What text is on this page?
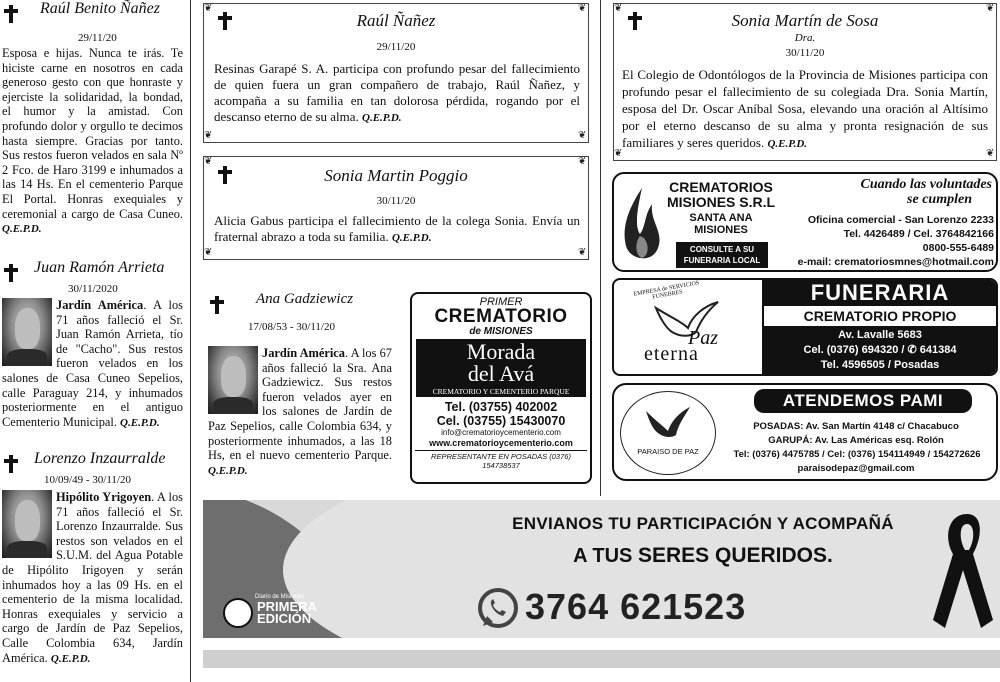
Raúl Benito Ñañez
29/11/20
Esposa e hijas. Nunca te irás. Te hiciste carne en nosotros en cada generoso gesto con que honraste y ejerciste la solidaridad, la bondad, el humor y la amistad. Con profundo dolor y orgullo te decimos hasta siempre. Gracias por tanto. Sus restos fueron velados en sala Nº 2 Fco. de Haro 3199 e inhumados a las 14 Hs. En el cementerio Parque El Portal. Honras exequiales y ceremonial a cargo de Casa Cuneo. Q.E.P.D.
Juan Ramón Arrieta
30/11/2020
Jardín América. A los 71 años falleció el Sr. Juan Ramón Arrieta, tío de "Cacho". Sus restos fueron velados en los salones de Casa Cuneo Sepelios, calle Paraguay 214, y inhumados posteriormente en el antiguo Cementerio Municipal. Q.E.P.D.
Lorenzo Inzaurralde
10/09/49 - 30/11/20
Hipólito Yrigoyen. A los 71 años falleció el Sr. Lorenzo Inzaurralde. Sus restos son velados en el S.U.M. del Agua Potable de Hipólito Irigoyen y serán inhumados hoy a las 09 Hs. en el cementerio de la misma localidad. Honras exequiales y servicio a cargo de Jardín de Paz Sepelios, Calle Colombia 634, Jardín América. Q.E.P.D.
❦	❦
❦	❦
Raúl Ñañez
29/11/20
Resinas Garapé S. A. participa con profundo pesar del fallecimiento de quien fuera un gran compañero de trabajo, Raúl Ñañez, y acompaña a su familia en tan dolorosa pérdida, rogando por el descanso eterno de su alma. Q.E.P.D.
❦	❦
❦	❦
Sonia Martin Poggio
30/11/20
Alicia Gabus participa el fallecimiento de la colega Sonia. Envía un fraternal abrazo a toda su familia. Q.E.P.D.
Ana Gadziewicz
17/08/53 - 30/11/20
Jardín América. A los 67 años falleció la Sra. Ana Gadziewicz. Sus restos fueron velados ayer en los salones de Jardín de Paz Sepelios, calle Colombia 634, y posteriormente inhumados, a las 18 Hs, en el nuevo cementerio Parque. Q.E.P.D.
PRIMER
CREMATORIO
de MISIONES
Morada
del Avá
CREMATORIO Y CEMENTERIO PARQUE
Tel. (03755) 402002
Cel. (03755) 15430070
info@crematorioycementerio.com
www.crematorioycementerio.com
REPRESENTANTE EN POSADAS (0376) 154738537
❦	❦
❦	❦
Sonia Martín de Sosa
Dra.
30/11/20
El Colegio de Odontólogos de la Provincia de Misiones participa con profundo pesar el fallecimiento de su colegiada Dra. Sonia Martín, esposa del Dr. Oscar Aníbal Sosa, elevando una oración al Altísimo por el eterno descanso de su alma y pronta resignación de sus familiares y seres queridos. Q.E.P.D.
CREMATORIOS
MISIONES S.R.L
SANTA ANA
MISIONES
CONSULTE A SU
FUNERARIA LOCAL
Cuando las voluntades
se cumplen
Oficina comercial - San Lorenzo 2233
Tel. 4426489 / Cel. 3764842166
0800-555-6489
e-mail: crematoriosmnes@hotmail.com
EMPRESA de SERVICIOS FUNEBRES
Paz
eterna
FUNERARIA
CREMATORIO PROPIO
Av. Lavalle 5683
Cel. (0376) 694320 / ✆ 641384
Tel. 4596505 / Posadas
PARAISO DE PAZ
ATENDEMOS PAMI
POSADAS: Av. San Martín 4148 c/ Chacabuco
GARUPÁ: Av. Las Américas esq. Rolón
Tel: (0376) 4475785 / Cel: (0376) 154114949 / 154272626
paraisodepaz@gmail.com
ENVIANOS TU PARTICIPACIÓN Y ACOMPAÑÁ
A TUS SERES QUERIDOS.
3764 621523
Diario de Misiones
PRIMERA
EDICIÓN
